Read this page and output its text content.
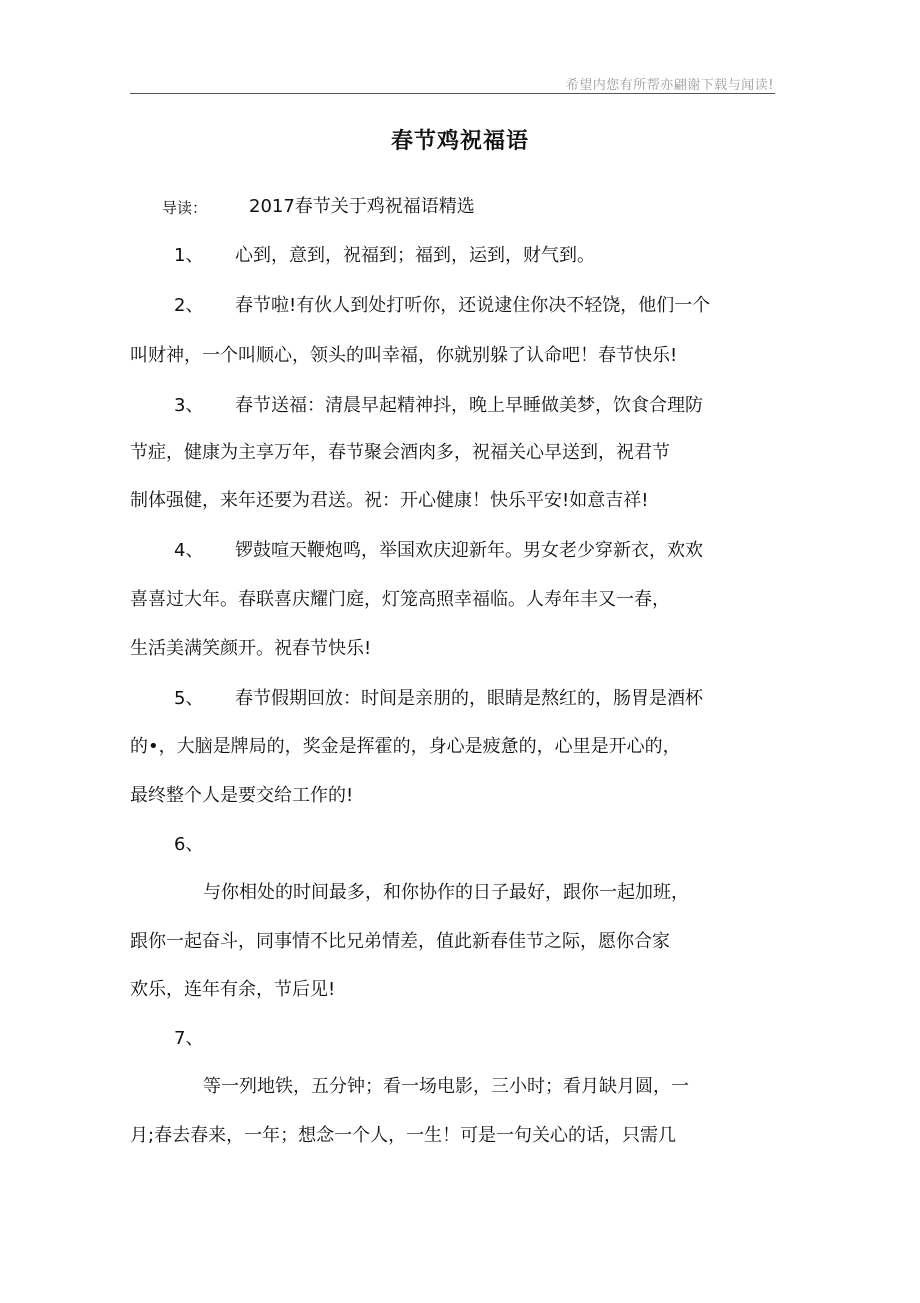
希望内您有所帮亦翩谢下载与闻读!
春节鸡祝福语
导读： 2017春节关于鸡祝福语精选
1、 心到，意到，祝福到；福到，运到，财气到。
2、 春节啦!有伙人到处打听你，还说逮住你决不轻饶，他们一个
叫财神，一个叫顺心，领头的叫幸福，你就别躲了认命吧！春节快乐!
3、 春节送福：清晨早起精神抖，晚上早睡做美梦，饮食合理防
节症，健康为主享万年，春节聚会酒肉多，祝福关心早送到，祝君节
制体强健，来年还要为君送。祝：开心健康！快乐平安!如意吉祥!
4、 锣鼓喧天鞭炮鸣，举国欢庆迎新年。男女老少穿新衣，欢欢
喜喜过大年。春联喜庆耀门庭，灯笼高照幸福临。人寿年丰又一春，
生活美满笑颜开。祝春节快乐!
5、 春节假期回放：时间是亲朋的，眼睛是熬红的，肠胃是酒杯
的•，大脑是牌局的，奖金是挥霍的，身心是疲惫的，心里是开心的，
最终整个人是要交给工作的!
6、
与你相处的时间最多，和你协作的日子最好，跟你一起加班，
跟你一起奋斗，同事情不比兄弟情差，值此新春佳节之际，愿你合家
欢乐，连年有余，节后见!
7、
等一列地铁，五分钟；看一场电影，三小时；看月缺月圆，一
月;春去春来，一年；想念一个人，一生！可是一句关心的话，只需几
